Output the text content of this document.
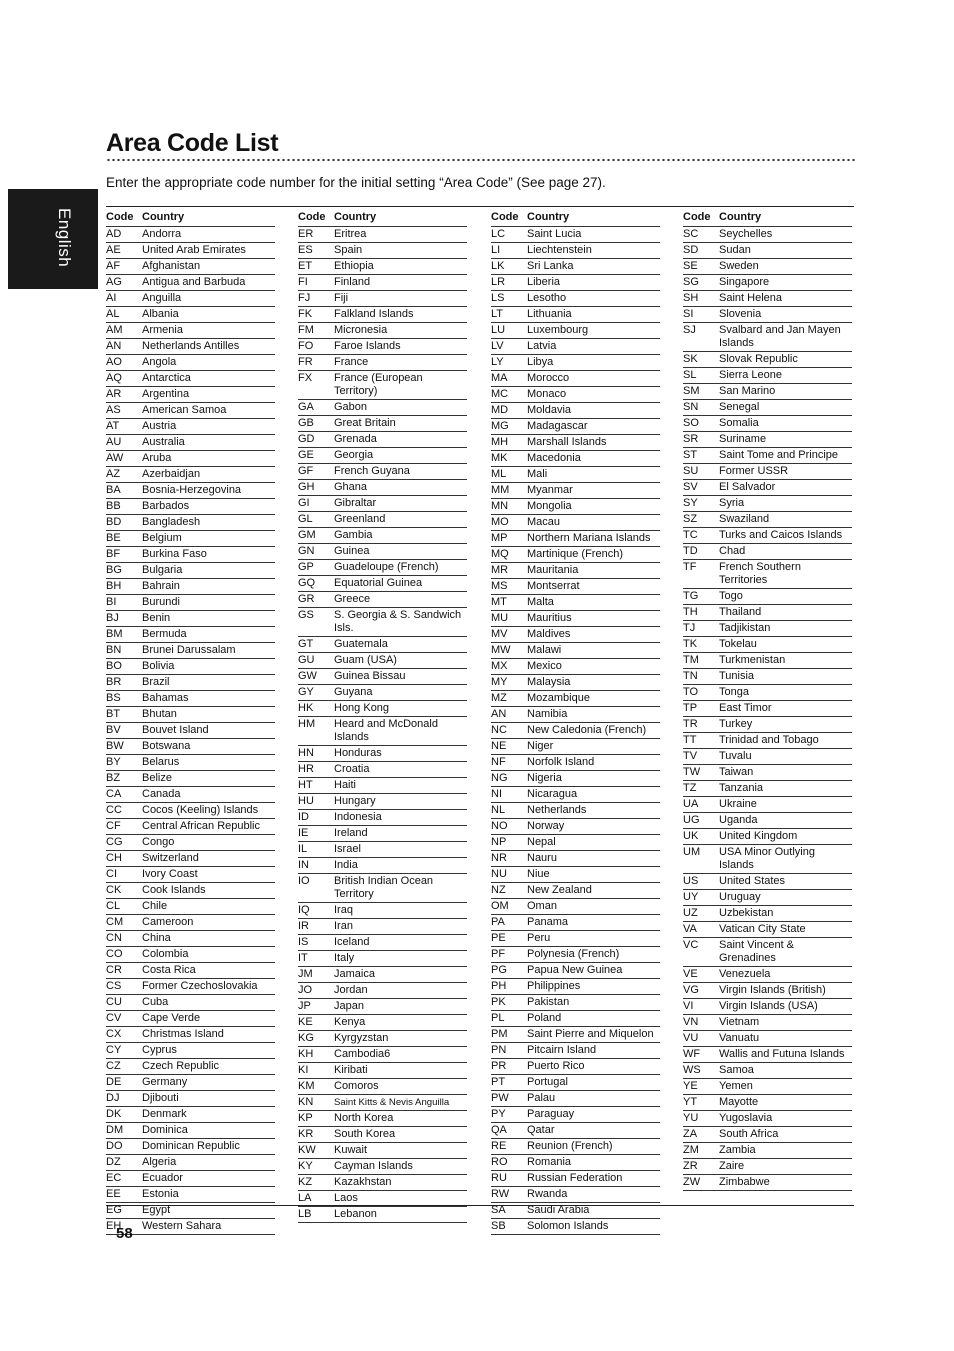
English
Area Code List
Enter the appropriate code number for the initial setting “Area Code” (See page 27).
Code Country
AD	Andorra
AE	United Arab Emirates
AF	Afghanistan
AG	Antigua and Barbuda
AI	Anguilla
AL	Albania
AM	Armenia
AN	Netherlands Antilles
AO	Angola
AQ	Antarctica
AR	Argentina
AS	American Samoa
AT	Austria
AU	Australia
AW	Aruba
AZ	Azerbaidjan
BA	Bosnia-Herzegovina
BB	Barbados
BD	Bangladesh
BE	Belgium
BF	Burkina Faso
BG	Bulgaria
BH	Bahrain
BI	Burundi
BJ	Benin
BM	Bermuda
BN	Brunei Darussalam
BO	Bolivia
BR	Brazil
BS	Bahamas
BT	Bhutan
BV	Bouvet Island
BW	Botswana
BY	Belarus
BZ	Belize
CA	Canada
CC	Cocos (Keeling) Islands
CF	Central African Republic
CG	Congo
CH	Switzerland
CI	Ivory Coast
CK	Cook Islands
CL	Chile
CM	Cameroon
CN	China
CO	Colombia
CR	Costa Rica
CS	Former Czechoslovakia
CU	Cuba
CV	Cape Verde
CX	Christmas Island
CY	Cyprus
CZ	Czech Republic
DE	Germany
DJ	Djibouti
DK	Denmark
DM	Dominica
DO	Dominican Republic
DZ	Algeria
EC	Ecuador
EE	Estonia
EG	Egypt
EH	Western Sahara
Code Country
ER	Eritrea
ES	Spain
ET	Ethiopia
FI	Finland
FJ	Fiji
FK	Falkland Islands
FM	Micronesia
FO	Faroe Islands
FR	France
FX	France (European Territory)
GA	Gabon
GB	Great Britain
GD	Grenada
GE	Georgia
GF	French Guyana
GH	Ghana
GI	Gibraltar
GL	Greenland
GM	Gambia
GN	Guinea
GP	Guadeloupe (French)
GQ	Equatorial Guinea
GR	Greece
GS	S. Georgia & S. Sandwich Isls.
GT	Guatemala
GU	Guam (USA)
GW	Guinea Bissau
GY	Guyana
HK	Hong Kong
HM	Heard and McDonald Islands
HN	Honduras
HR	Croatia
HT	Haiti
HU	Hungary
ID	Indonesia
IE	Ireland
IL	Israel
IN	India
IO	British Indian Ocean Territory
IQ	Iraq
IR	Iran
IS	Iceland
IT	Italy
JM	Jamaica
JO	Jordan
JP	Japan
KE	Kenya
KG	Kyrgyzstan
KH	Cambodia6
KI	Kiribati
KM	Comoros
KN	Saint Kitts & Nevis Anguilla
KP	North Korea
KR	South Korea
KW	Kuwait
KY	Cayman Islands
KZ	Kazakhstan
LA	Laos
LB	Lebanon
Code Country
LC	Saint Lucia
LI	Liechtenstein
LK	Sri Lanka
LR	Liberia
LS	Lesotho
LT	Lithuania
LU	Luxembourg
LV	Latvia
LY	Libya
MA	Morocco
MC	Monaco
MD	Moldavia
MG	Madagascar
MH	Marshall Islands
MK	Macedonia
ML	Mali
MM	Myanmar
MN	Mongolia
MO	Macau
MP	Northern Mariana Islands
MQ	Martinique (French)
MR	Mauritania
MS	Montserrat
MT	Malta
MU	Mauritius
MV	Maldives
MW	Malawi
MX	Mexico
MY	Malaysia
MZ	Mozambique
AN	Namibia
NC	New Caledonia (French)
NE	Niger
NF	Norfolk Island
NG	Nigeria
NI	Nicaragua
NL	Netherlands
NO	Norway
NP	Nepal
NR	Nauru
NU	Niue
NZ	New Zealand
OM	Oman
PA	Panama
PE	Peru
PF	Polynesia (French)
PG	Papua New Guinea
PH	Philippines
PK	Pakistan
PL	Poland
PM	Saint Pierre and Miquelon
PN	Pitcairn Island
PR	Puerto Rico
PT	Portugal
PW	Palau
PY	Paraguay
QA	Qatar
RE	Reunion (French)
RO	Romania
RU	Russian Federation
RW	Rwanda
SA	Saudi Arabia
SB	Solomon Islands
Code Country
SC	Seychelles
SD	Sudan
SE	Sweden
SG	Singapore
SH	Saint Helena
SI	Slovenia
SJ	Svalbard and Jan Mayen Islands
SK	Slovak Republic
SL	Sierra Leone
SM	San Marino
SN	Senegal
SO	Somalia
SR	Suriname
ST	Saint Tome and Principe
SU	Former USSR
SV	El Salvador
SY	Syria
SZ	Swaziland
TC	Turks and Caicos Islands
TD	Chad
TF	French Southern Territories
TG	Togo
TH	Thailand
TJ	Tadjikistan
TK	Tokelau
TM	Turkmenistan
TN	Tunisia
TO	Tonga
TP	East Timor
TR	Turkey
TT	Trinidad and Tobago
TV	Tuvalu
TW	Taiwan
TZ	Tanzania
UA	Ukraine
UG	Uganda
UK	United Kingdom
UM	USA Minor Outlying Islands
US	United States
UY	Uruguay
UZ	Uzbekistan
VA	Vatican City State
VC	Saint Vincent & Grenadines
VE	Venezuela
VG	Virgin Islands (British)
VI	Virgin Islands (USA)
VN	Vietnam
VU	Vanuatu
WF	Wallis and Futuna Islands
WS	Samoa
YE	Yemen
YT	Mayotte
YU	Yugoslavia
ZA	South Africa
ZM	Zambia
ZR	Zaire
ZW	Zimbabwe
58
